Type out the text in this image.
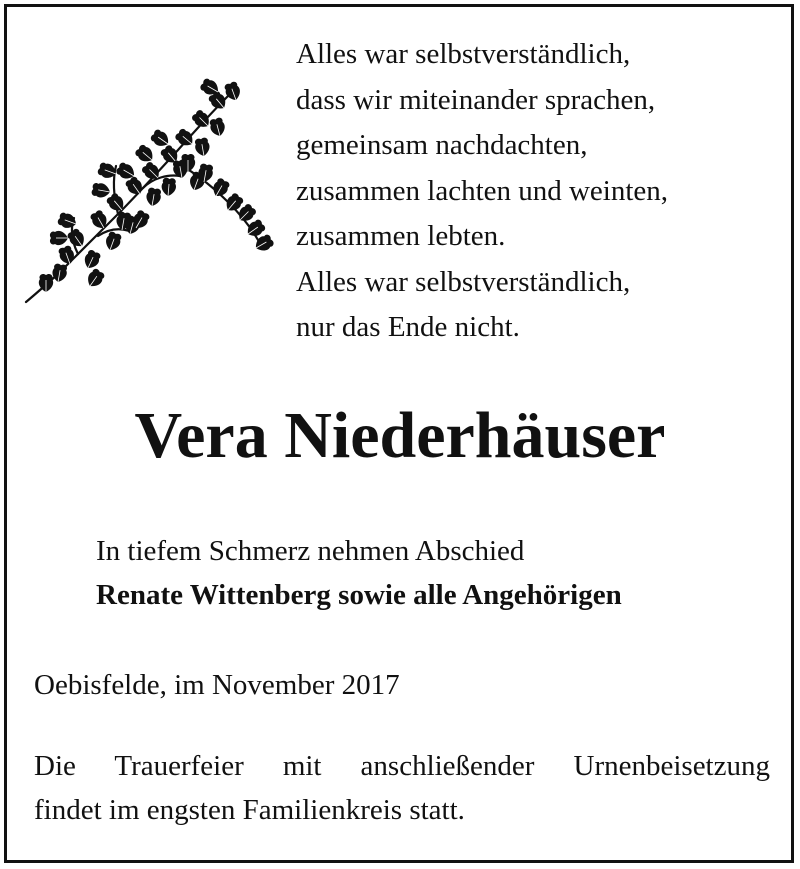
Alles war selbstverständlich,
dass wir miteinander sprachen,
gemeinsam nachdachten,
zusammen lachten und weinten,
zusammen lebten.
Alles war selbstverständlich,
nur das Ende nicht.
Vera Niederhäuser
In tiefem Schmerz nehmen Abschied
Renate Wittenberg sowie alle Angehörigen
Oebisfelde, im November 2017
Die Trauerfeier mit anschließender Urnenbeisetzung
findet im engsten Familienkreis statt.
